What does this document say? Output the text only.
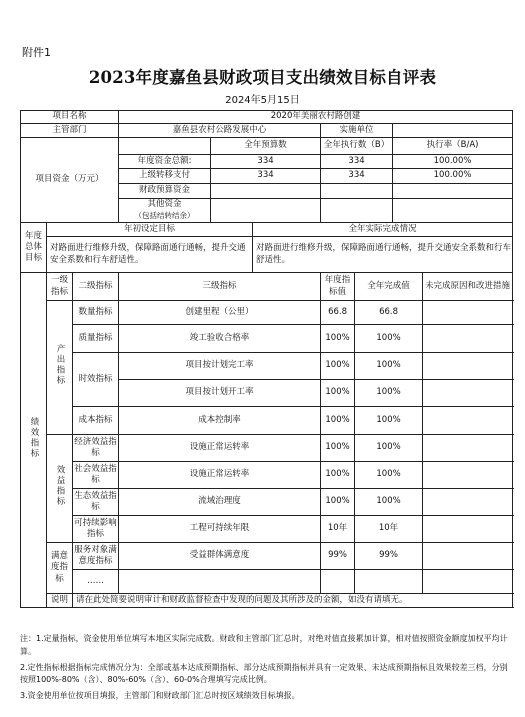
附件1
2023年度嘉鱼县财政项目支出绩效目标自评表
2024年5月15日
项目名称			2020年美丽农村路创建						
主管部门			嘉鱼县农村公路发展中心			实施单位			
项目资金（万元）				全年预算数		全年执行数（B）		执行率（B/A)	
			年度资金总额:	334		334		100.00%	
			上级转移支付	334		334		100.00%	
			财政预算资金						
			其他资金
（包括结转结余）						
年度总体目标	年初设定目标				全年实际完成情况				
	对路面进行维修升级，保障路面通行通畅，提升交通安全系数和行车舒适性。				对路面进行维修升级，保障路面通行通畅，提升交通安全系数和行车舒适性。				
绩效指标	一级指标	二级指标	三级指标			年度指标值	全年完成值		未完成原因和改进措施
	产出指标	数量指标	创建里程（公里）			66.8	66.8		
		质量指标	竣工验收合格率			100%	100%		
		时效指标	项目按计划完工率			100%	100%		
			项目按计划开工率			100%	100%		
		成本指标	成本控制率			100%	100%		
	效益指标	经济效益指标	设施正常运转率			100%	100%		
		社会效益指标	设施正常运转率			100%	100%		
		生态效益指标	流域治理度			100%	100%		
		可持续影响指标	工程可持续年限			10年	10年		
	满意度指标	服务对象满意度指标	受益群体满意度			99%	99%		
		……							
	说明	请在此处简要说明审计和财政监督检查中发现的问题及其所涉及的金额，如没有请填无。							

注：1.定量指标，资金使用单位填写本地区实际完成数。财政和主管部门汇总时，对绝对值直接累加计算，相对值按照资金额度加权平均计算。

2.定性指标根据指标完成情况分为：全部或基本达成预期指标、部分达成预期指标并具有一定效果、未达成预期指标且效果较差三档，分别按照100%-80%（含）、80%-60%（含）、60-0%合理填写完成比例。

3.资金使用单位按项目填报，主管部门和财政部门汇总时按区域绩效目标填报。
